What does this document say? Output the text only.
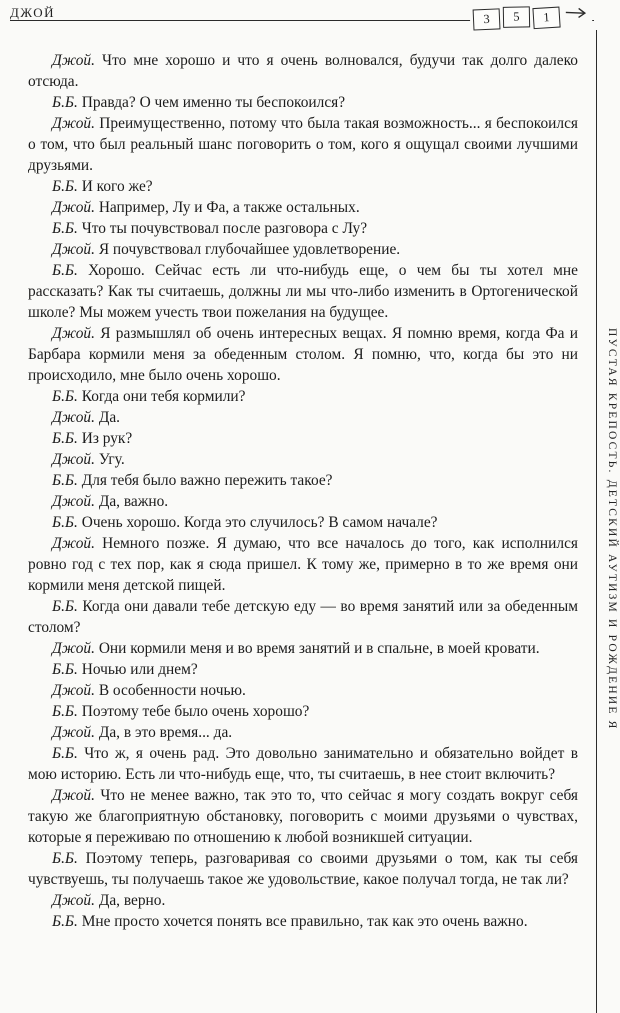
ДЖОЙ	3	5	1
ПУСТАЯ КРЕПОСТЬ. ДЕТСКИЙ АУТИЗМ И РОЖДЕНИЕ Я

Джой. Что мне хорошо и что я очень волновался, будучи так долго далеко отсюда.

Б.Б. Правда? О чем именно ты беспокоился?

Джой. Преимущественно, потому что была такая возможность... я беспокоился о том, что был реальный шанс поговорить о том, кого я ощущал своими лучшими друзьями.

Б.Б. И кого же?

Джой. Например, Лу и Фа, а также остальных.

Б.Б. Что ты почувствовал после разговора с Лу?

Джой. Я почувствовал глубочайшее удовлетворение.

Б.Б. Хорошо. Сейчас есть ли что-нибудь еще, о чем бы ты хотел мне рассказать? Как ты считаешь, должны ли мы что-либо изменить в Ортогенической школе? Мы можем учесть твои пожелания на будущее.

Джой. Я размышлял об очень интересных вещах. Я помню время, когда Фа и Барбара кормили меня за обеденным столом. Я помню, что, когда бы это ни происходило, мне было очень хорошо.

Б.Б. Когда они тебя кормили?

Джой. Да.

Б.Б. Из рук?

Джой. Угу.

Б.Б. Для тебя было важно пережить такое?

Джой. Да, важно.

Б.Б. Очень хорошо. Когда это случилось? В самом начале?

Джой. Немного позже. Я думаю, что все началось до того, как исполнился ровно год с тех пор, как я сюда пришел. К тому же, примерно в то же время они кормили меня детской пищей.

Б.Б. Когда они давали тебе детскую еду — во время занятий или за обеденным столом?

Джой. Они кормили меня и во время занятий и в спальне, в моей кровати.

Б.Б. Ночью или днем?

Джой. В особенности ночью.

Б.Б. Поэтому тебе было очень хорошо?

Джой. Да, в это время... да.

Б.Б. Что ж, я очень рад. Это довольно занимательно и обязательно войдет в мою историю. Есть ли что-нибудь еще, что, ты считаешь, в нее стоит включить?

Джой. Что не менее важно, так это то, что сейчас я могу создать вокруг себя такую же благоприятную обстановку, поговорить с моими друзьями о чувствах, которые я переживаю по отношению к любой возникшей ситуации.

Б.Б. Поэтому теперь, разговаривая со своими друзьями о том, как ты себя чувствуешь, ты получаешь такое же удовольствие, какое получал тогда, не так ли?

Джой. Да, верно.

Б.Б. Мне просто хочется понять все правильно, так как это очень важно.
